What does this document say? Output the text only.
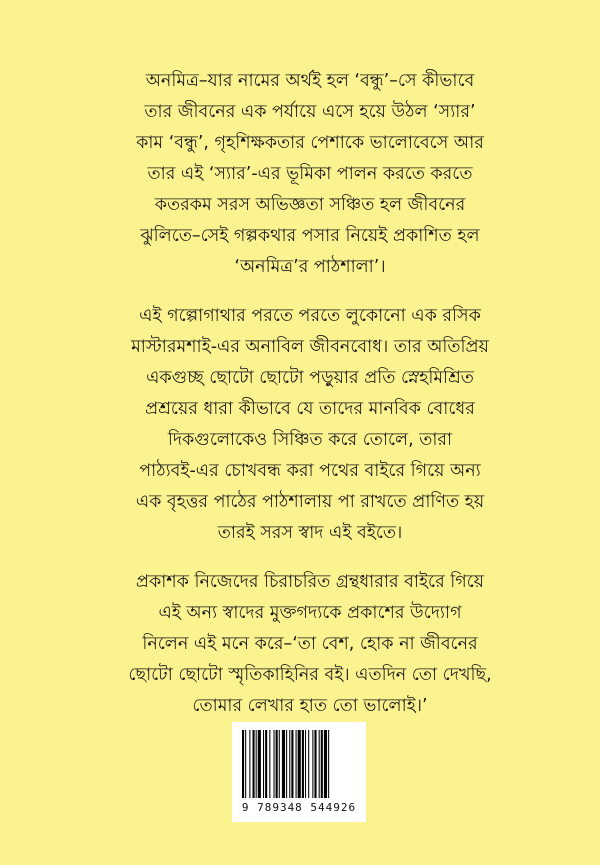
অনমিত্র–যার নামের অর্থই হল ‘বন্ধু’–সে কীভাবে
তার জীবনের এক পর্যায়ে এসে হয়ে উঠল ‘স্যার’
কাম ‘বন্ধু’, গৃহশিক্ষকতার পেশাকে ভালোবেসে আর
তার এই ‘স্যার’-এর ভূমিকা পালন করতে করতে
কতরকম সরস অভিজ্ঞতা সঞ্চিত হল জীবনের
ঝুলিতে–সেই গল্পকথার পসার নিয়েই প্রকাশিত হল
‘অনমিত্র’র পাঠশালা’।
এই গল্পোগাথার পরতে পরতে লুকোনো এক রসিক
মাস্টারমশাই-এর অনাবিল জীবনবোধ। তার অতিপ্রিয়
একগুচ্ছ ছোটো ছোটো পড়ুয়ার প্রতি স্নেহমিশ্রিত
প্রশ্রয়ের ধারা কীভাবে যে তাদের মানবিক বোধের
দিকগুলোকেও সিঞ্চিত করে তোলে, তারা
পাঠ্যবই-এর চোখবন্ধ করা পথের বাইরে গিয়ে অন্য
এক বৃহত্তর পাঠের পাঠশালায় পা রাখতে প্রাণিত হয়
তারই সরস স্বাদ এই বইতে।
প্রকাশক নিজেদের চিরাচরিত গ্রন্থধারার বাইরে গিয়ে
এই অন্য স্বাদের মুক্তগদ্যকে প্রকাশের উদ্যোগ
নিলেন এই মনে করে–‘তা বেশ, হোক না জীবনের
ছোটো ছোটো স্মৃতিকাহিনির বই। এতদিন তো দেখছি,
তোমার লেখার হাত তো ভালোই।’
9 789348 544926
